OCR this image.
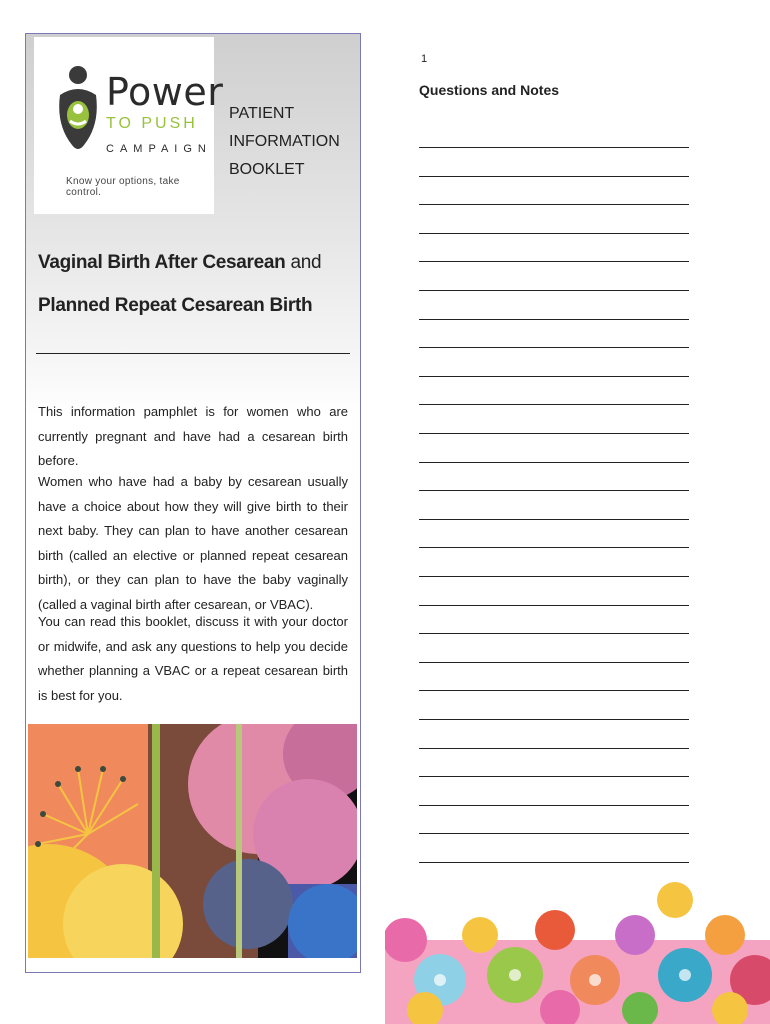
Power
TO PUSH
CAMPAIGN
Know your options, take control.
PATIENT
INFORMATION
BOOKLET
Vaginal Birth After Cesarean and
Planned Repeat Cesarean Birth
This information pamphlet is for women who are currently pregnant and have had a cesarean birth before.
Women who have had a baby by cesarean usually have a choice about how they will give birth to their next baby. They can plan to have another cesarean birth (called an elective or planned repeat cesarean birth), or they can plan to have the baby vaginally (called a vaginal birth after cesarean, or VBAC).
You can read this booklet, discuss it with your doctor or midwife, and ask any questions to help you decide whether planning a VBAC or a repeat cesarean birth is best for you.
1
Questions and Notes
